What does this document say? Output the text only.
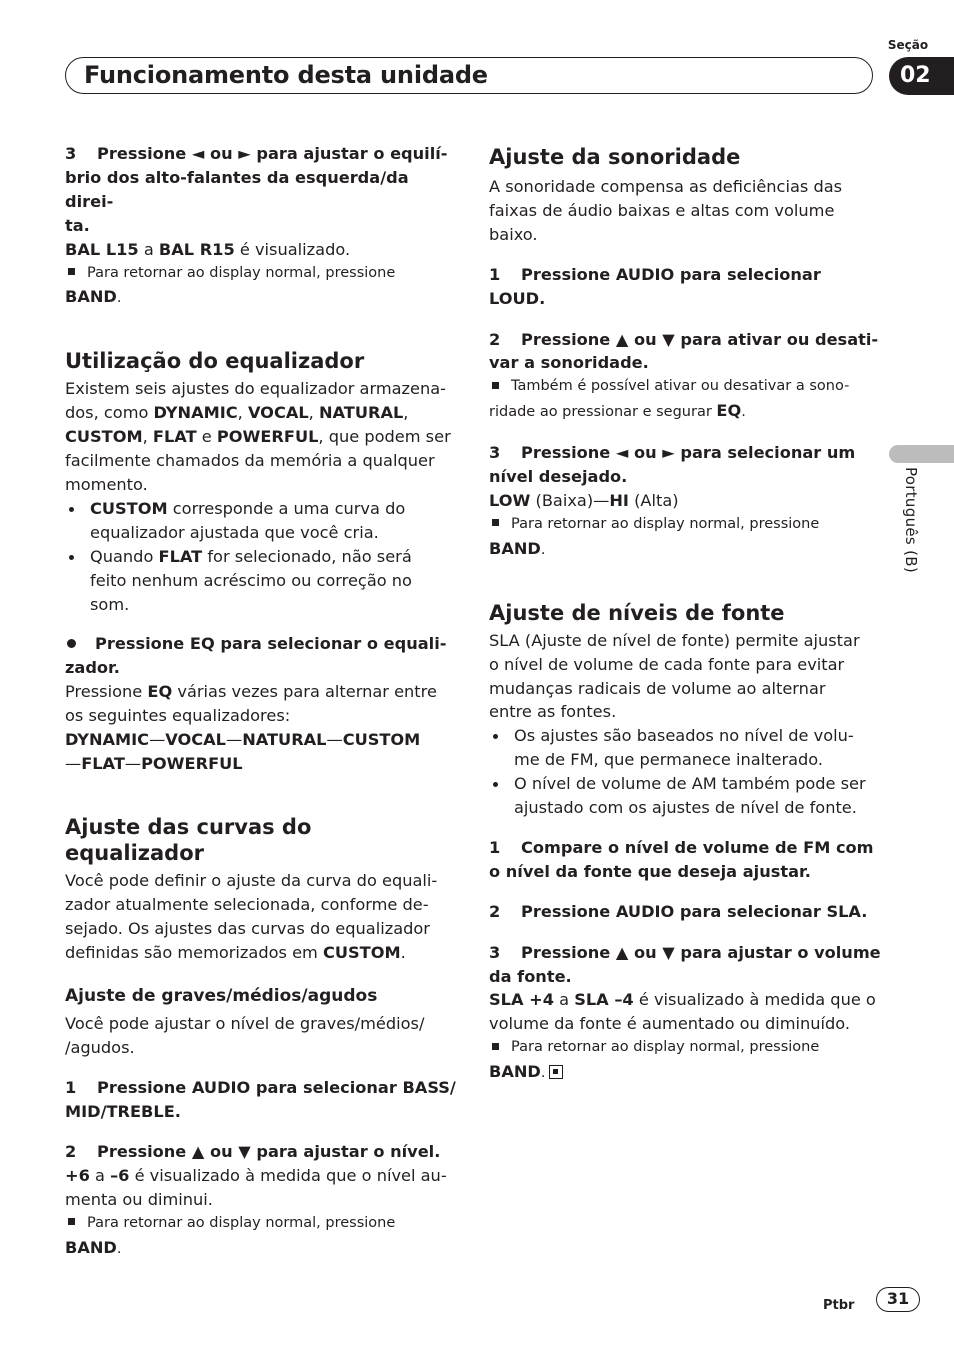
Seção
Funcionamento desta unidade	02
Português (B)

3 Pressione ◄ ou ► para ajustar o equilí-
brio dos alto-falantes da esquerda/da direi-
ta.

BAL L15 a BAL R15 é visualizado.

Para retornar ao display normal, pressione
BAND.

Utilização do equalizador

Existem seis ajustes do equalizador armazena-
dos, como DYNAMIC, VOCAL, NATURAL,
CUSTOM, FLAT e POWERFUL, que podem ser
facilmente chamados da memória a qualquer
momento.

CUSTOM corresponde a uma curva do
equalizador ajustada que você cria.

Quando FLAT for selecionado, não será
feito nenhum acréscimo ou correção no
som.

Pressione EQ para selecionar o equali-
zador.

Pressione EQ várias vezes para alternar entre
os seguintes equalizadores:

DYNAMIC—VOCAL—NATURAL—CUSTOM
—FLAT—POWERFUL

Ajuste das curvas do equalizador

Você pode definir o ajuste da curva do equali-
zador atualmente selecionada, conforme de-
sejado. Os ajustes das curvas do equalizador
definidas são memorizados em CUSTOM.

Ajuste de graves/médios/agudos

Você pode ajustar o nível de graves/médios/
/agudos.

1 Pressione AUDIO para selecionar BASS/
MID/TREBLE.

2 Pressione ▲ ou ▼ para ajustar o nível.

+6 a –6 é visualizado à medida que o nível au-
menta ou diminui.

Para retornar ao display normal, pressione
BAND.

Ajuste da sonoridade

A sonoridade compensa as deficiências das
faixas de áudio baixas e altas com volume
baixo.

1 Pressione AUDIO para selecionar LOUD.

2 Pressione ▲ ou ▼ para ativar ou desati-
var a sonoridade.

Também é possível ativar ou desativar a sono-
ridade ao pressionar e segurar EQ.

3 Pressione ◄ ou ► para selecionar um
nível desejado.

LOW (Baixa)—HI (Alta)

Para retornar ao display normal, pressione
BAND.

Ajuste de níveis de fonte

SLA (Ajuste de nível de fonte) permite ajustar
o nível de volume de cada fonte para evitar
mudanças radicais de volume ao alternar
entre as fontes.

Os ajustes são baseados no nível de volu-
me de FM, que permanece inalterado.

O nível de volume de AM também pode ser
ajustado com os ajustes de nível de fonte.

1 Compare o nível de volume de FM com
o nível da fonte que deseja ajustar.

2 Pressione AUDIO para selecionar SLA.

3 Pressione ▲ ou ▼ para ajustar o volume
da fonte.

SLA +4 a SLA –4 é visualizado à medida que o
volume da fonte é aumentado ou diminuído.

Para retornar ao display normal, pressione
BAND.

Ptbr	31
